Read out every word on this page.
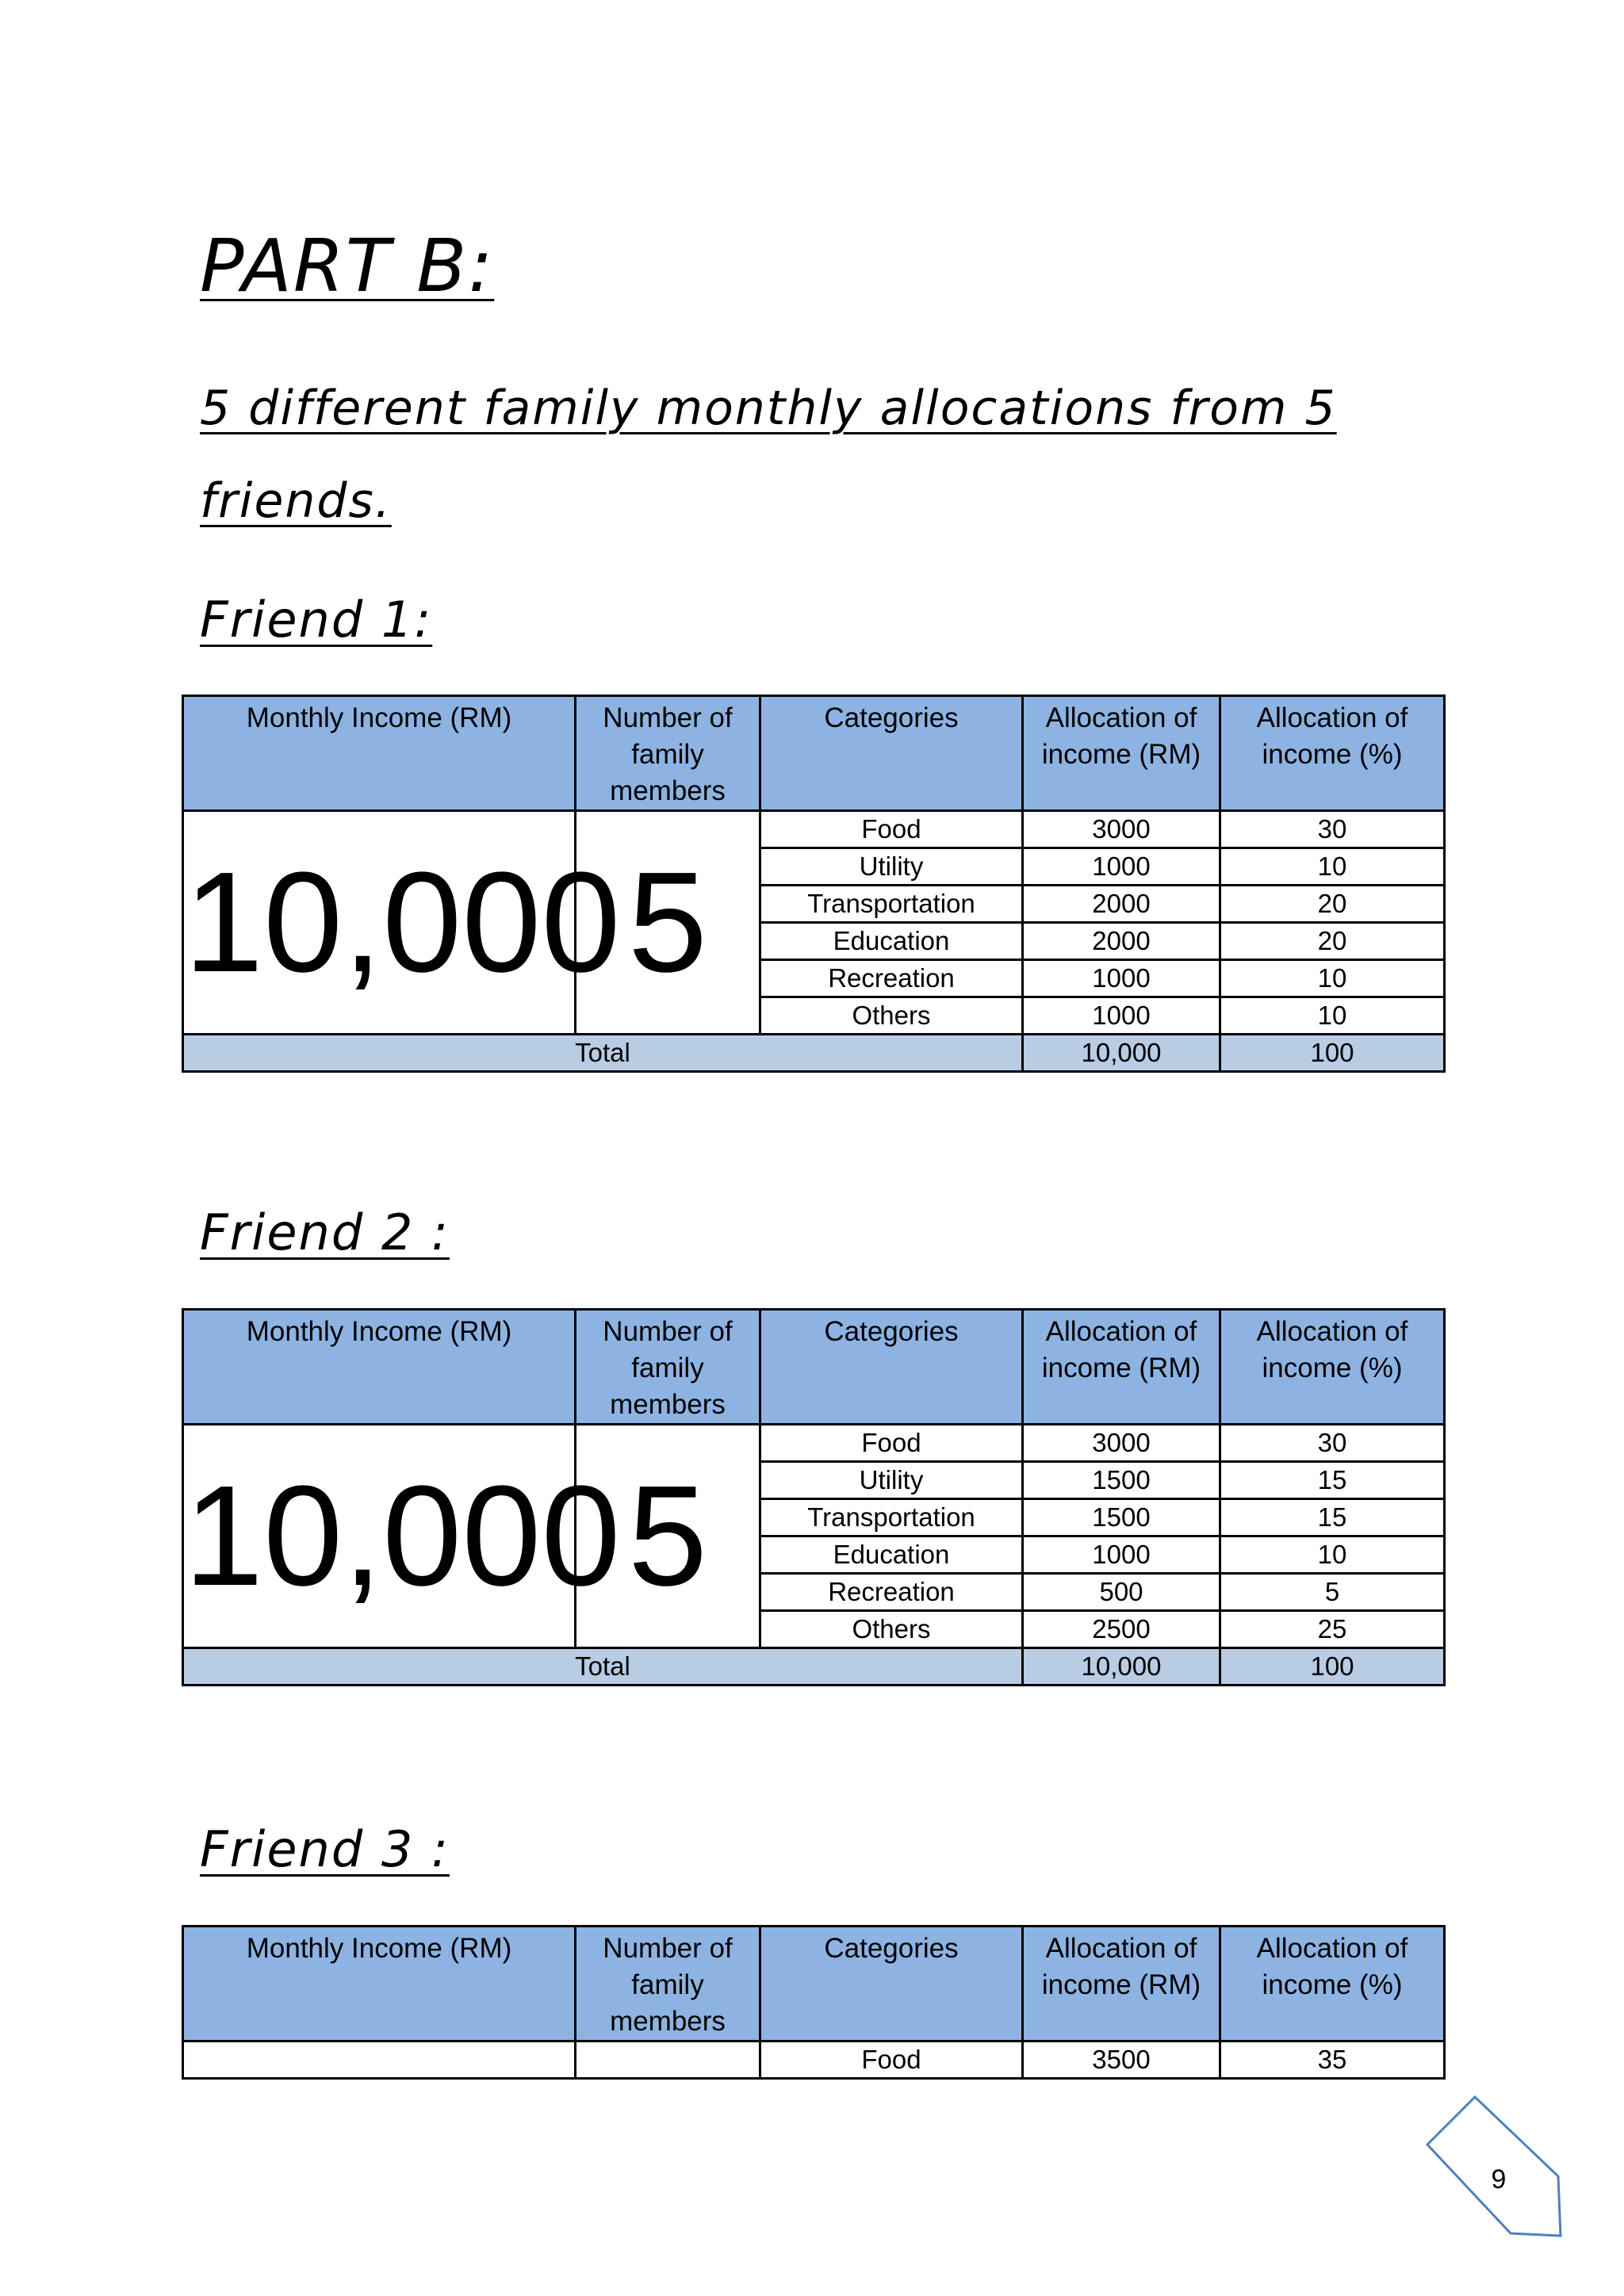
PART B:
5 different family monthly allocations from 5
friends.
Friend 1:
Monthly Income (RM)	Number of family members	Categories	Allocation of income (RM)	Allocation of income (%)
10,000	5	Food	3000	30
		Utility	1000	10
		Transportation	2000	20
		Education	2000	20
		Recreation	1000	10
		Others	1000	10
Total			10,000	100
Friend 2 :
Monthly Income (RM)	Number of family members	Categories	Allocation of income (RM)	Allocation of income (%)
10,000	5	Food	3000	30
		Utility	1500	15
		Transportation	1500	15
		Education	1000	10
		Recreation	500	5
		Others	2500	25
Total			10,000	100
Friend 3 :
Monthly Income (RM)	Number of family members	Categories	Allocation of income (RM)	Allocation of income (%)
		Food	3500	35
9
